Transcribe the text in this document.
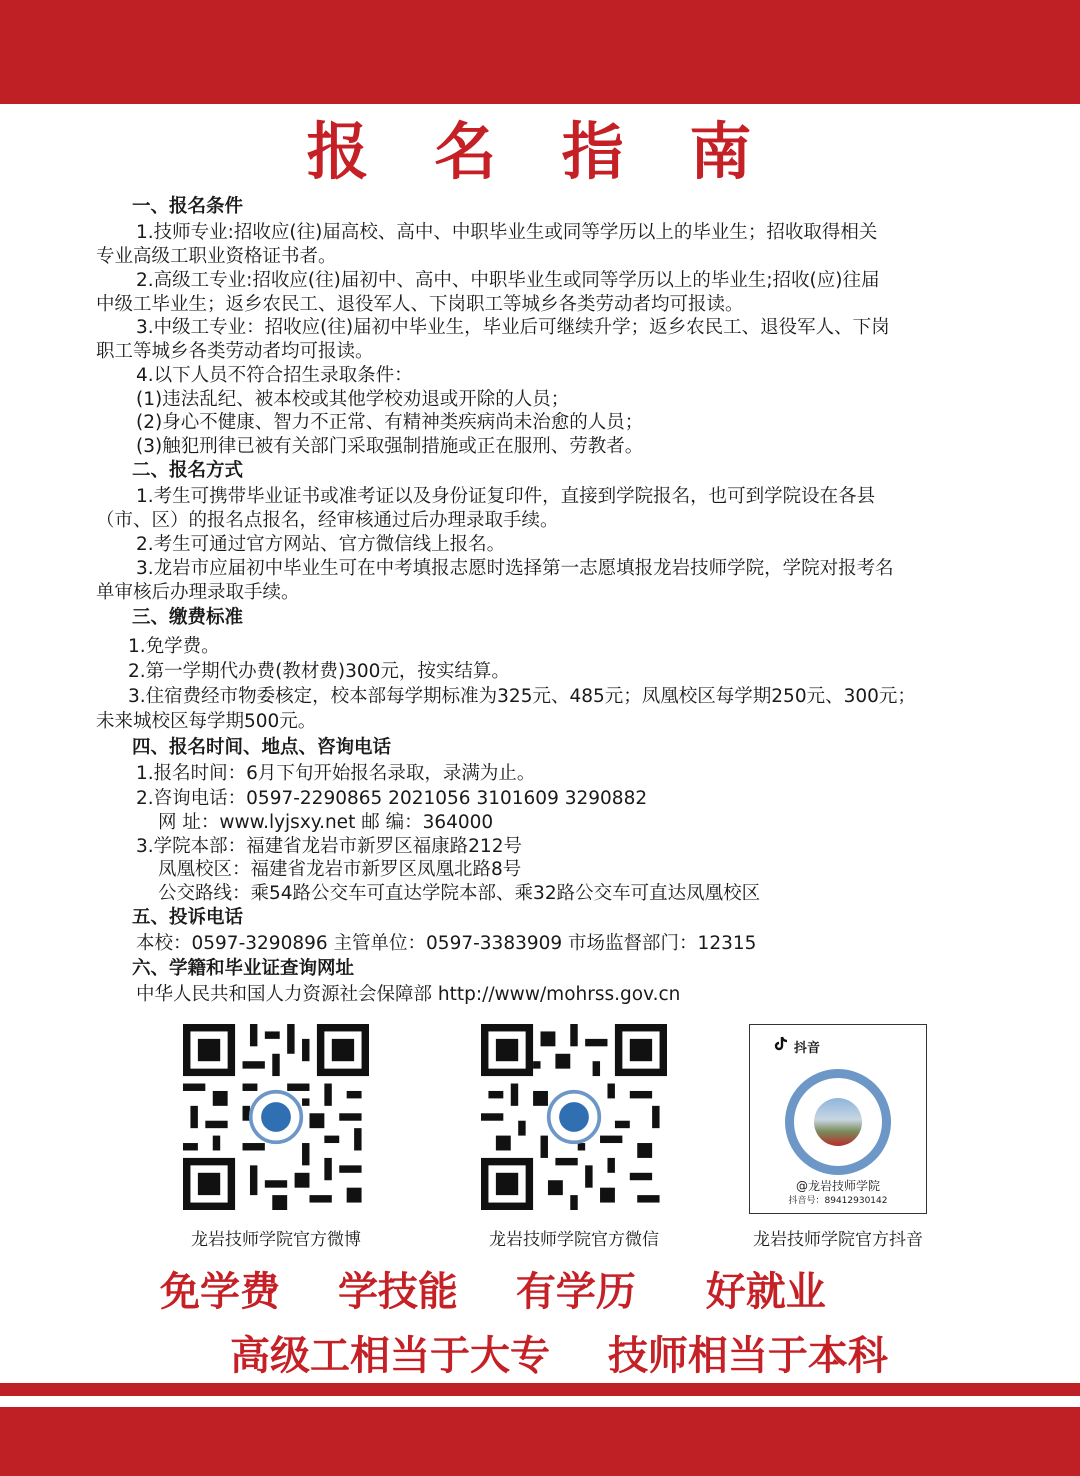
报 名 指 南
一、报名条件
1.技师专业:招收应(往)届高校、高中、中职毕业生或同等学历以上的毕业生；招收取得相关
专业高级工职业资格证书者。
2.高级工专业:招收应(往)届初中、高中、中职毕业生或同等学历以上的毕业生;招收(应)往届
中级工毕业生；返乡农民工、退役军人、下岗职工等城乡各类劳动者均可报读。
3.中级工专业：招收应(往)届初中毕业生，毕业后可继续升学；返乡农民工、退役军人、下岗
职工等城乡各类劳动者均可报读。
4.以下人员不符合招生录取条件：
(1)违法乱纪、被本校或其他学校劝退或开除的人员；
(2)身心不健康、智力不正常、有精神类疾病尚未治愈的人员；
(3)触犯刑律已被有关部门采取强制措施或正在服刑、劳教者。
二、报名方式
1.考生可携带毕业证书或准考证以及身份证复印件，直接到学院报名，也可到学院设在各县
（市、区）的报名点报名，经审核通过后办理录取手续。
2.考生可通过官方网站、官方微信线上报名。
3.龙岩市应届初中毕业生可在中考填报志愿时选择第一志愿填报龙岩技师学院，学院对报考名
单审核后办理录取手续。
三、缴费标准
1.免学费。
2.第一学期代办费(教材费)300元，按实结算。
3.住宿费经市物委核定，校本部每学期标准为325元、485元；凤凰校区每学期250元、300元；
未来城校区每学期500元。
四、报名时间、地点、咨询电话
1.报名时间：6月下旬开始报名录取，录满为止。
2.咨询电话：0597-2290865 2021056 3101609 3290882
网 址：www.lyjsxy.net 邮 编：364000
3.学院本部：福建省龙岩市新罗区福康路212号
凤凰校区：福建省龙岩市新罗区凤凰北路8号
公交路线：乘54路公交车可直达学院本部、乘32路公交车可直达凤凰校区
五、投诉电话
本校：0597-3290896 主管单位：0597-3383909 市场监督部门：12315
六、学籍和毕业证查询网址
中华人民共和国人力资源社会保障部 http://www/mohrss.gov.cn
龙岩技师学院官方微博	龙岩技师学院官方微信
抖音
@龙岩技师学院
抖音号：89412930142
龙岩技师学院官方抖音
免学费 学技能 有学历 好就业
高级工相当于大专 技师相当于本科
